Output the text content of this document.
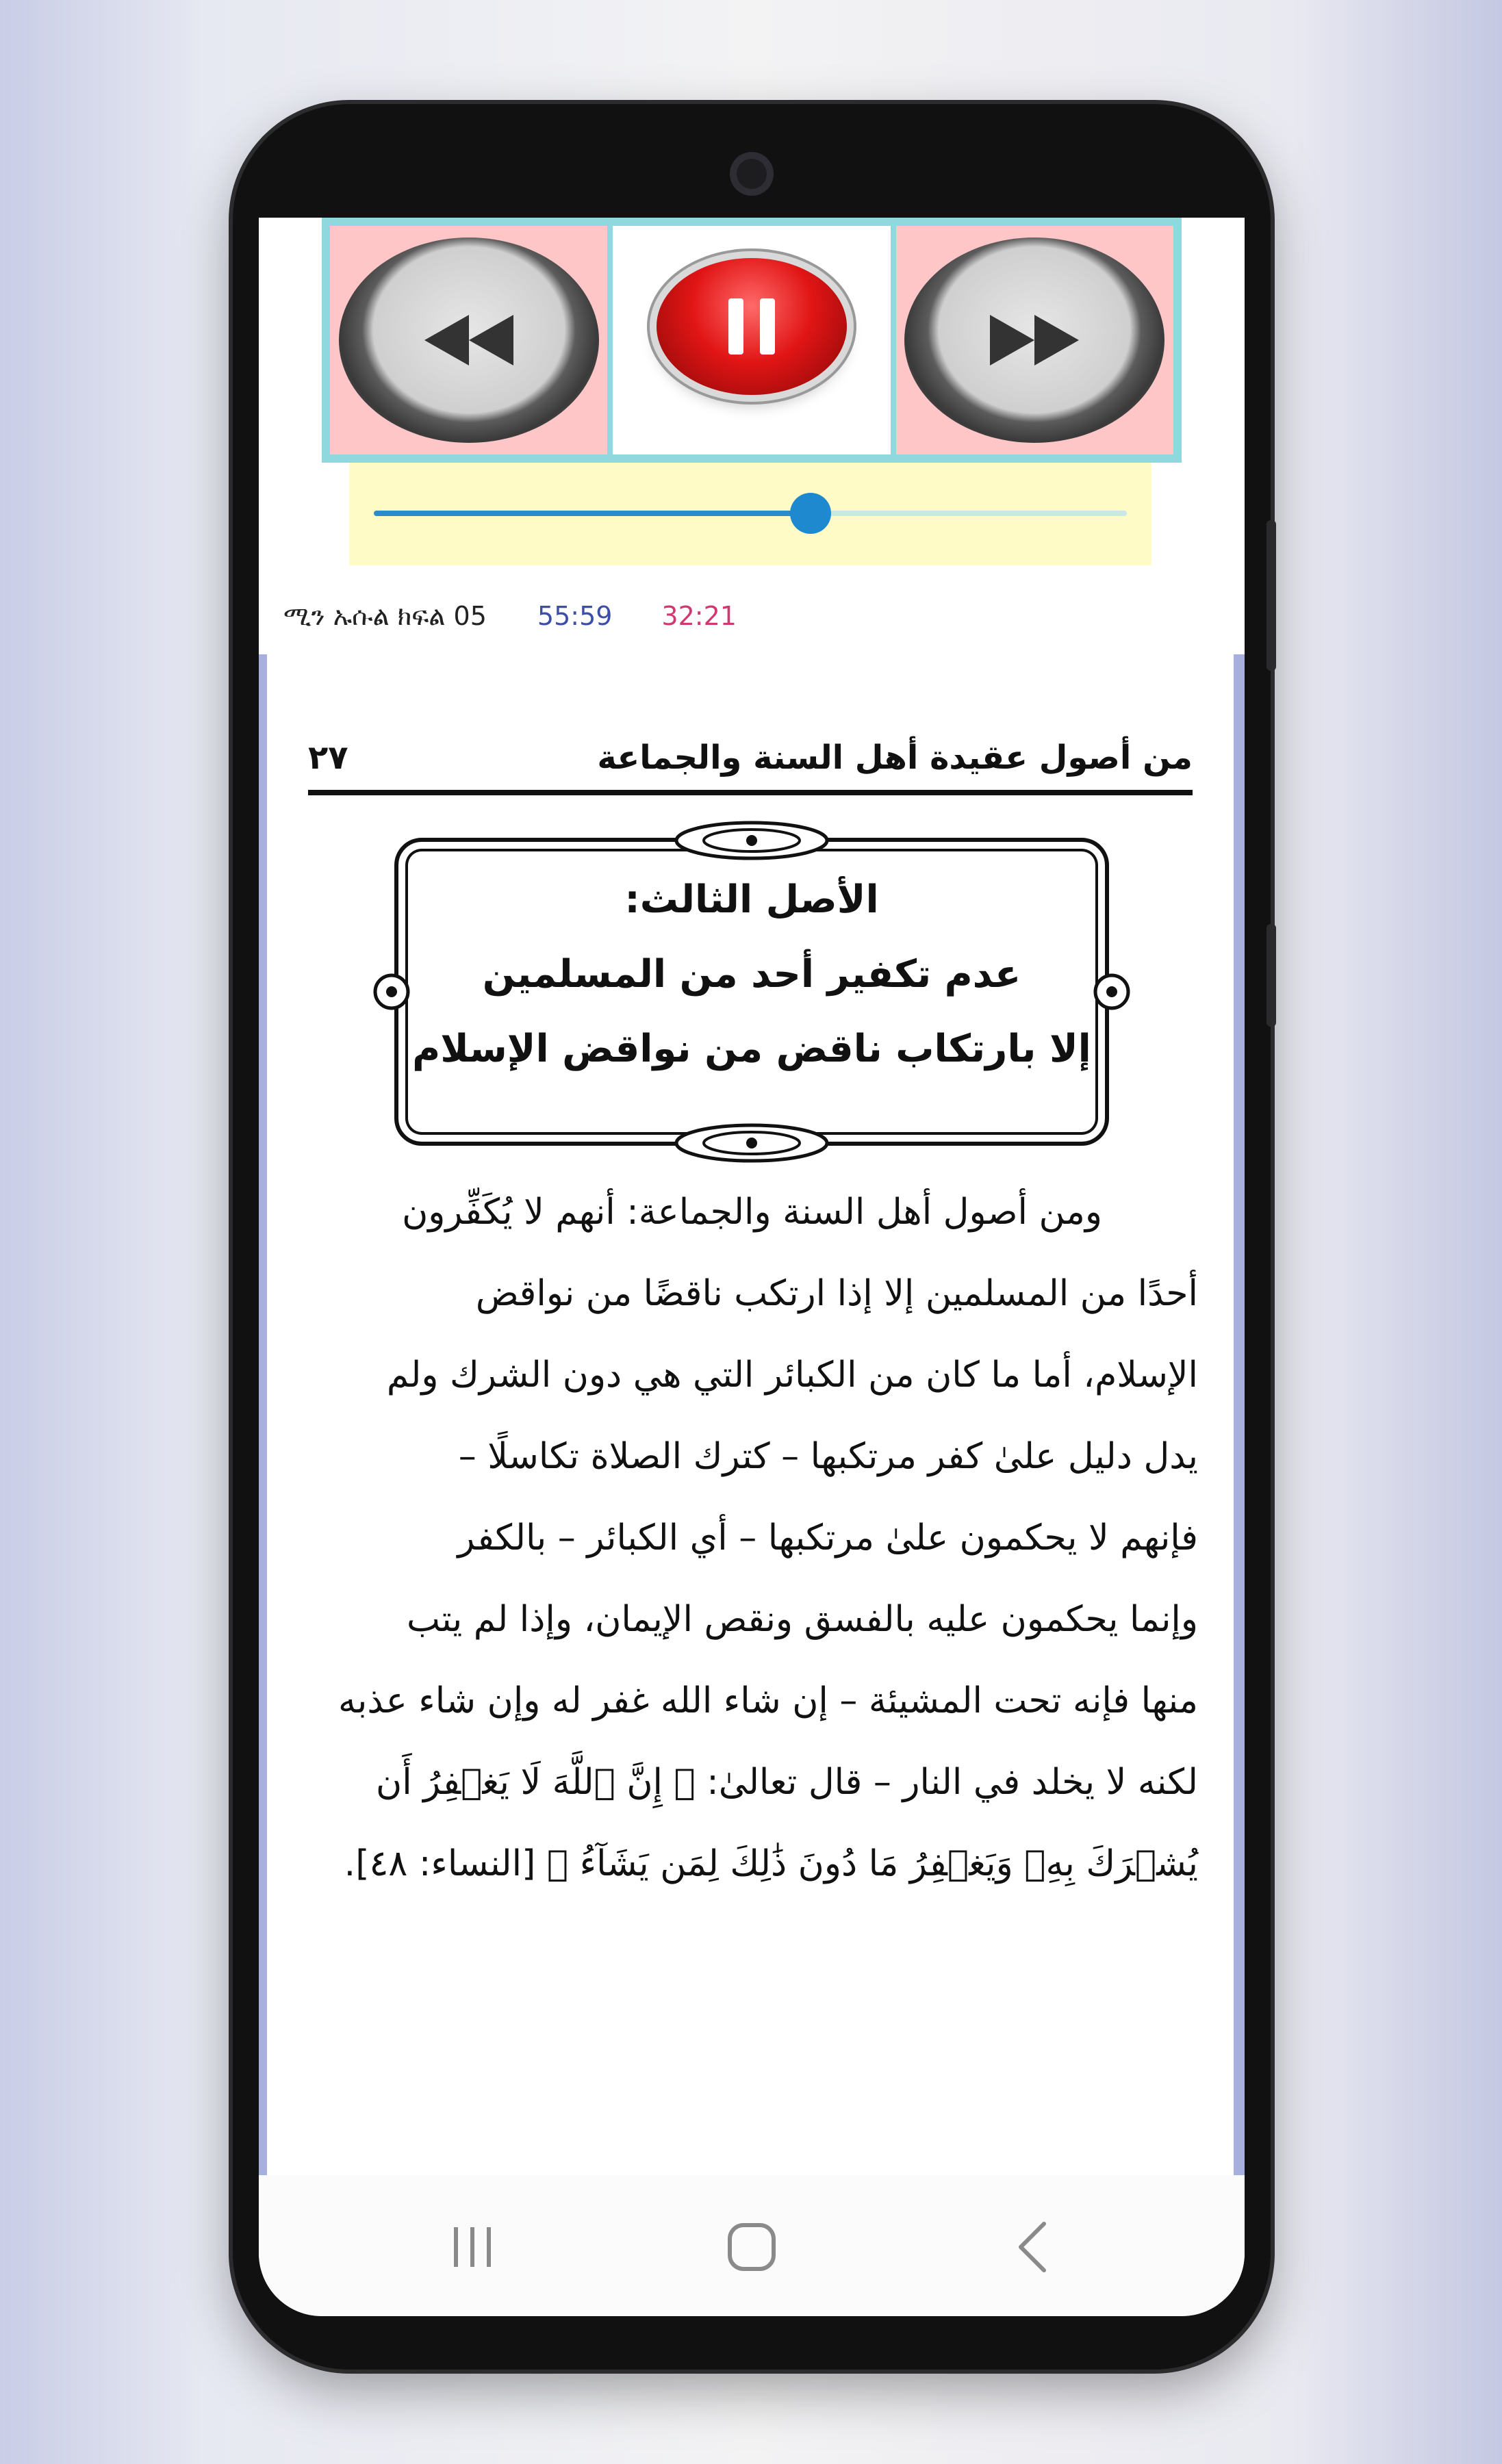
ሚን ኡሱል ክፍል 05 55:59 32:21
من أصول عقيدة أهل السنة والجماعة
٢٧
الأصل الثالث:
عدم تكفير أحد من المسلمين
إلا بارتكاب ناقض من نواقض الإسلام

ومن أصول أهل السنة والجماعة: أنهم لا يُكَفِّرون

أحدًا من المسلمين إلا إذا ارتكب ناقضًا من نواقض

الإسلام، أما ما كان من الكبائر التي هي دون الشرك ولم

يدل دليل علىٰ كفر مرتكبها – كترك الصلاة تكاسلًا –

فإنهم لا يحكمون علىٰ مرتكبها – أي الكبائر – بالكفر

وإنما يحكمون عليه بالفسق ونقص الإيمان، وإذا لم يتب

منها فإنه تحت المشيئة – إن شاء الله غفر له وإن شاء عذبه

لكنه لا يخلد في النار – قال تعالىٰ: ﴿ إِنَّ ٱللَّهَ لَا يَغۡفِرُ أَن

يُشۡرَكَ بِهِۦ وَيَغۡفِرُ مَا دُونَ ذَٰلِكَ لِمَن يَشَآءُ ﴾ [النساء: ٤٨].
